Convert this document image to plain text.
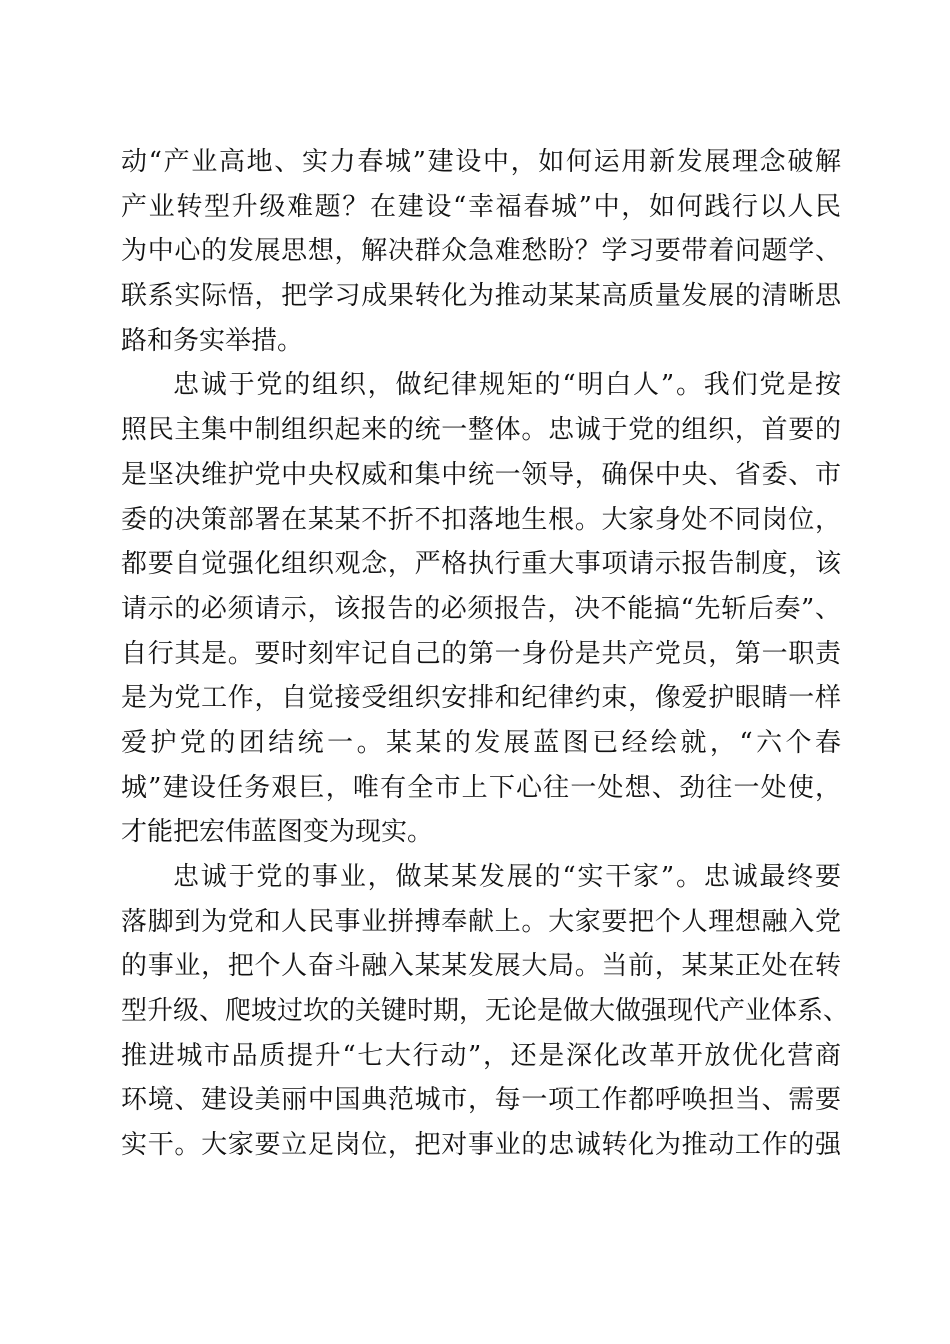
动“产业高地、实力春城”建设中，如何运用新发展理念破解
产业转型升级难题？在建设“幸福春城”中，如何践行以人民
为中心的发展思想，解决群众急难愁盼？学习要带着问题学、
联系实际悟，把学习成果转化为推动某某高质量发展的清晰思
路和务实举措。
忠诚于党的组织，做纪律规矩的“明白人”。我们党是按
照民主集中制组织起来的统一整体。忠诚于党的组织，首要的
是坚决维护党中央权威和集中统一领导，确保中央、省委、市
委的决策部署在某某不折不扣落地生根。大家身处不同岗位，
都要自觉强化组织观念，严格执行重大事项请示报告制度，该
请示的必须请示，该报告的必须报告，决不能搞“先斩后奏”、
自行其是。要时刻牢记自己的第一身份是共产党员，第一职责
是为党工作，自觉接受组织安排和纪律约束，像爱护眼睛一样
爱护党的团结统一。某某的发展蓝图已经绘就，“六个春
城”建设任务艰巨，唯有全市上下心往一处想、劲往一处使，
才能把宏伟蓝图变为现实。
忠诚于党的事业，做某某发展的“实干家”。忠诚最终要
落脚到为党和人民事业拼搏奉献上。大家要把个人理想融入党
的事业，把个人奋斗融入某某发展大局。当前，某某正处在转
型升级、爬坡过坎的关键时期，无论是做大做强现代产业体系、
推进城市品质提升“七大行动”，还是深化改革开放优化营商
环境、建设美丽中国典范城市，每一项工作都呼唤担当、需要
实干。大家要立足岗位，把对事业的忠诚转化为推动工作的强
